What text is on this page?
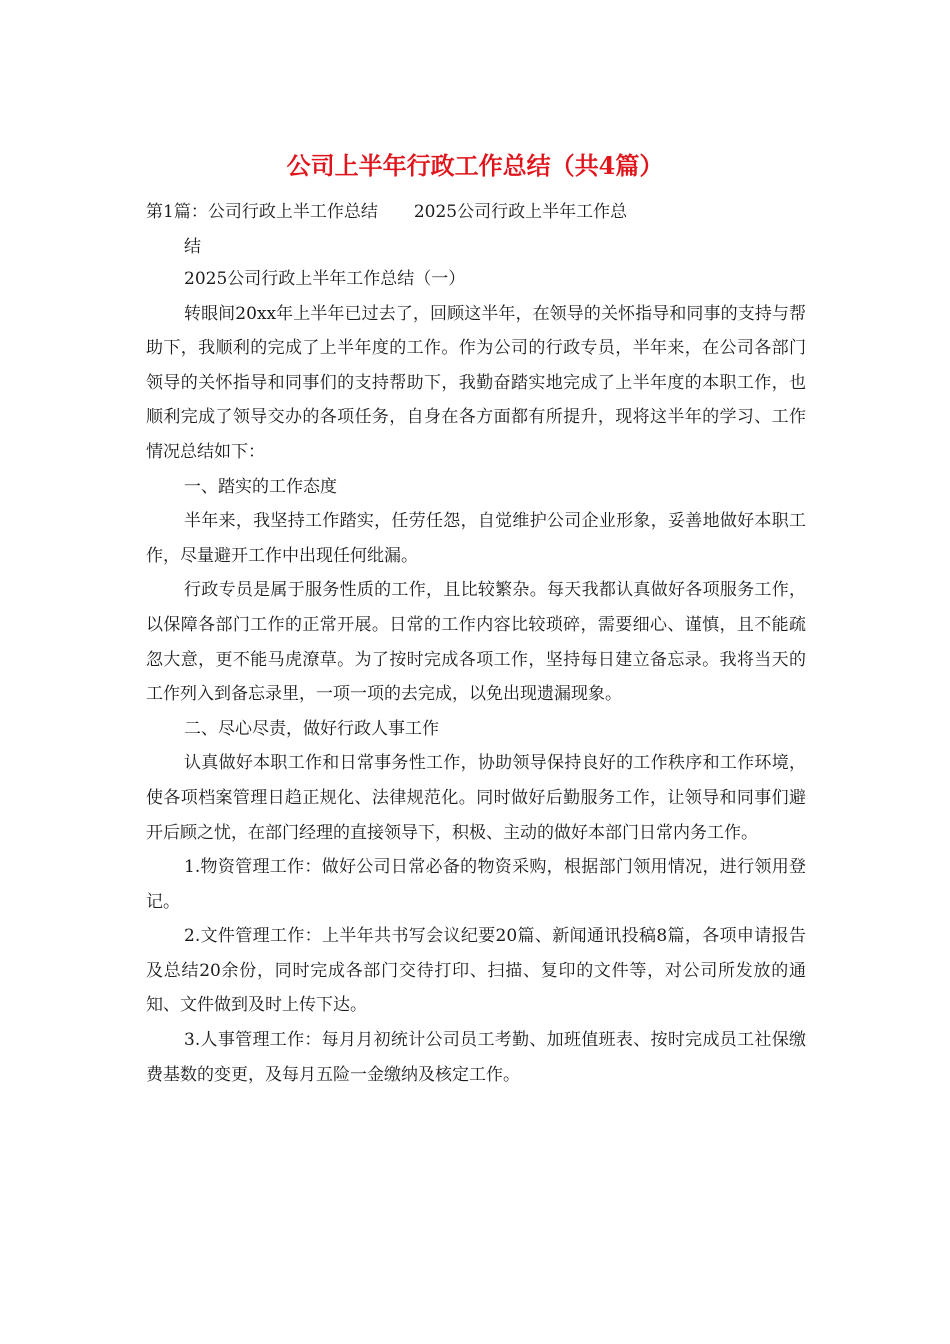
公司上半年行政工作总结（共4篇）
第1篇：公司行政上半工作总结 2025公司行政上半年工作总
结

2025公司行政上半年工作总结（一）

转眼间20xx年上半年已过去了，回顾这半年，在领导的关怀指导和同事的支持与帮助下，我顺利的完成了上半年度的工作。作为公司的行政专员，半年来，在公司各部门领导的关怀指导和同事们的支持帮助下，我勤奋踏实地完成了上半年度的本职工作，也顺利完成了领导交办的各项任务，自身在各方面都有所提升，现将这半年的学习、工作情况总结如下：

一、踏实的工作态度

半年来，我坚持工作踏实，任劳任怨，自觉维护公司企业形象，妥善地做好本职工作，尽量避开工作中出现任何纰漏。

行政专员是属于服务性质的工作，且比较繁杂。每天我都认真做好各项服务工作，以保障各部门工作的正常开展。日常的工作内容比较琐碎，需要细心、谨慎，且不能疏忽大意，更不能马虎潦草。为了按时完成各项工作，坚持每日建立备忘录。我将当天的工作列入到备忘录里，一项一项的去完成，以免出现遗漏现象。

二、尽心尽责，做好行政人事工作

认真做好本职工作和日常事务性工作，协助领导保持良好的工作秩序和工作环境，使各项档案管理日趋正规化、法律规范化。同时做好后勤服务工作，让领导和同事们避开后顾之忧，在部门经理的直接领导下，积极、主动的做好本部门日常内务工作。

1.物资管理工作：做好公司日常必备的物资采购，根据部门领用情况，进行领用登记。

2.文件管理工作：上半年共书写会议纪要20篇、新闻通讯投稿8篇，各项申请报告及总结20余份，同时完成各部门交待打印、扫描、复印的文件等，对公司所发放的通知、文件做到及时上传下达。

3.人事管理工作：每月月初统计公司员工考勤、加班值班表、按时完成员工社保缴费基数的变更，及每月五险一金缴纳及核定工作。
